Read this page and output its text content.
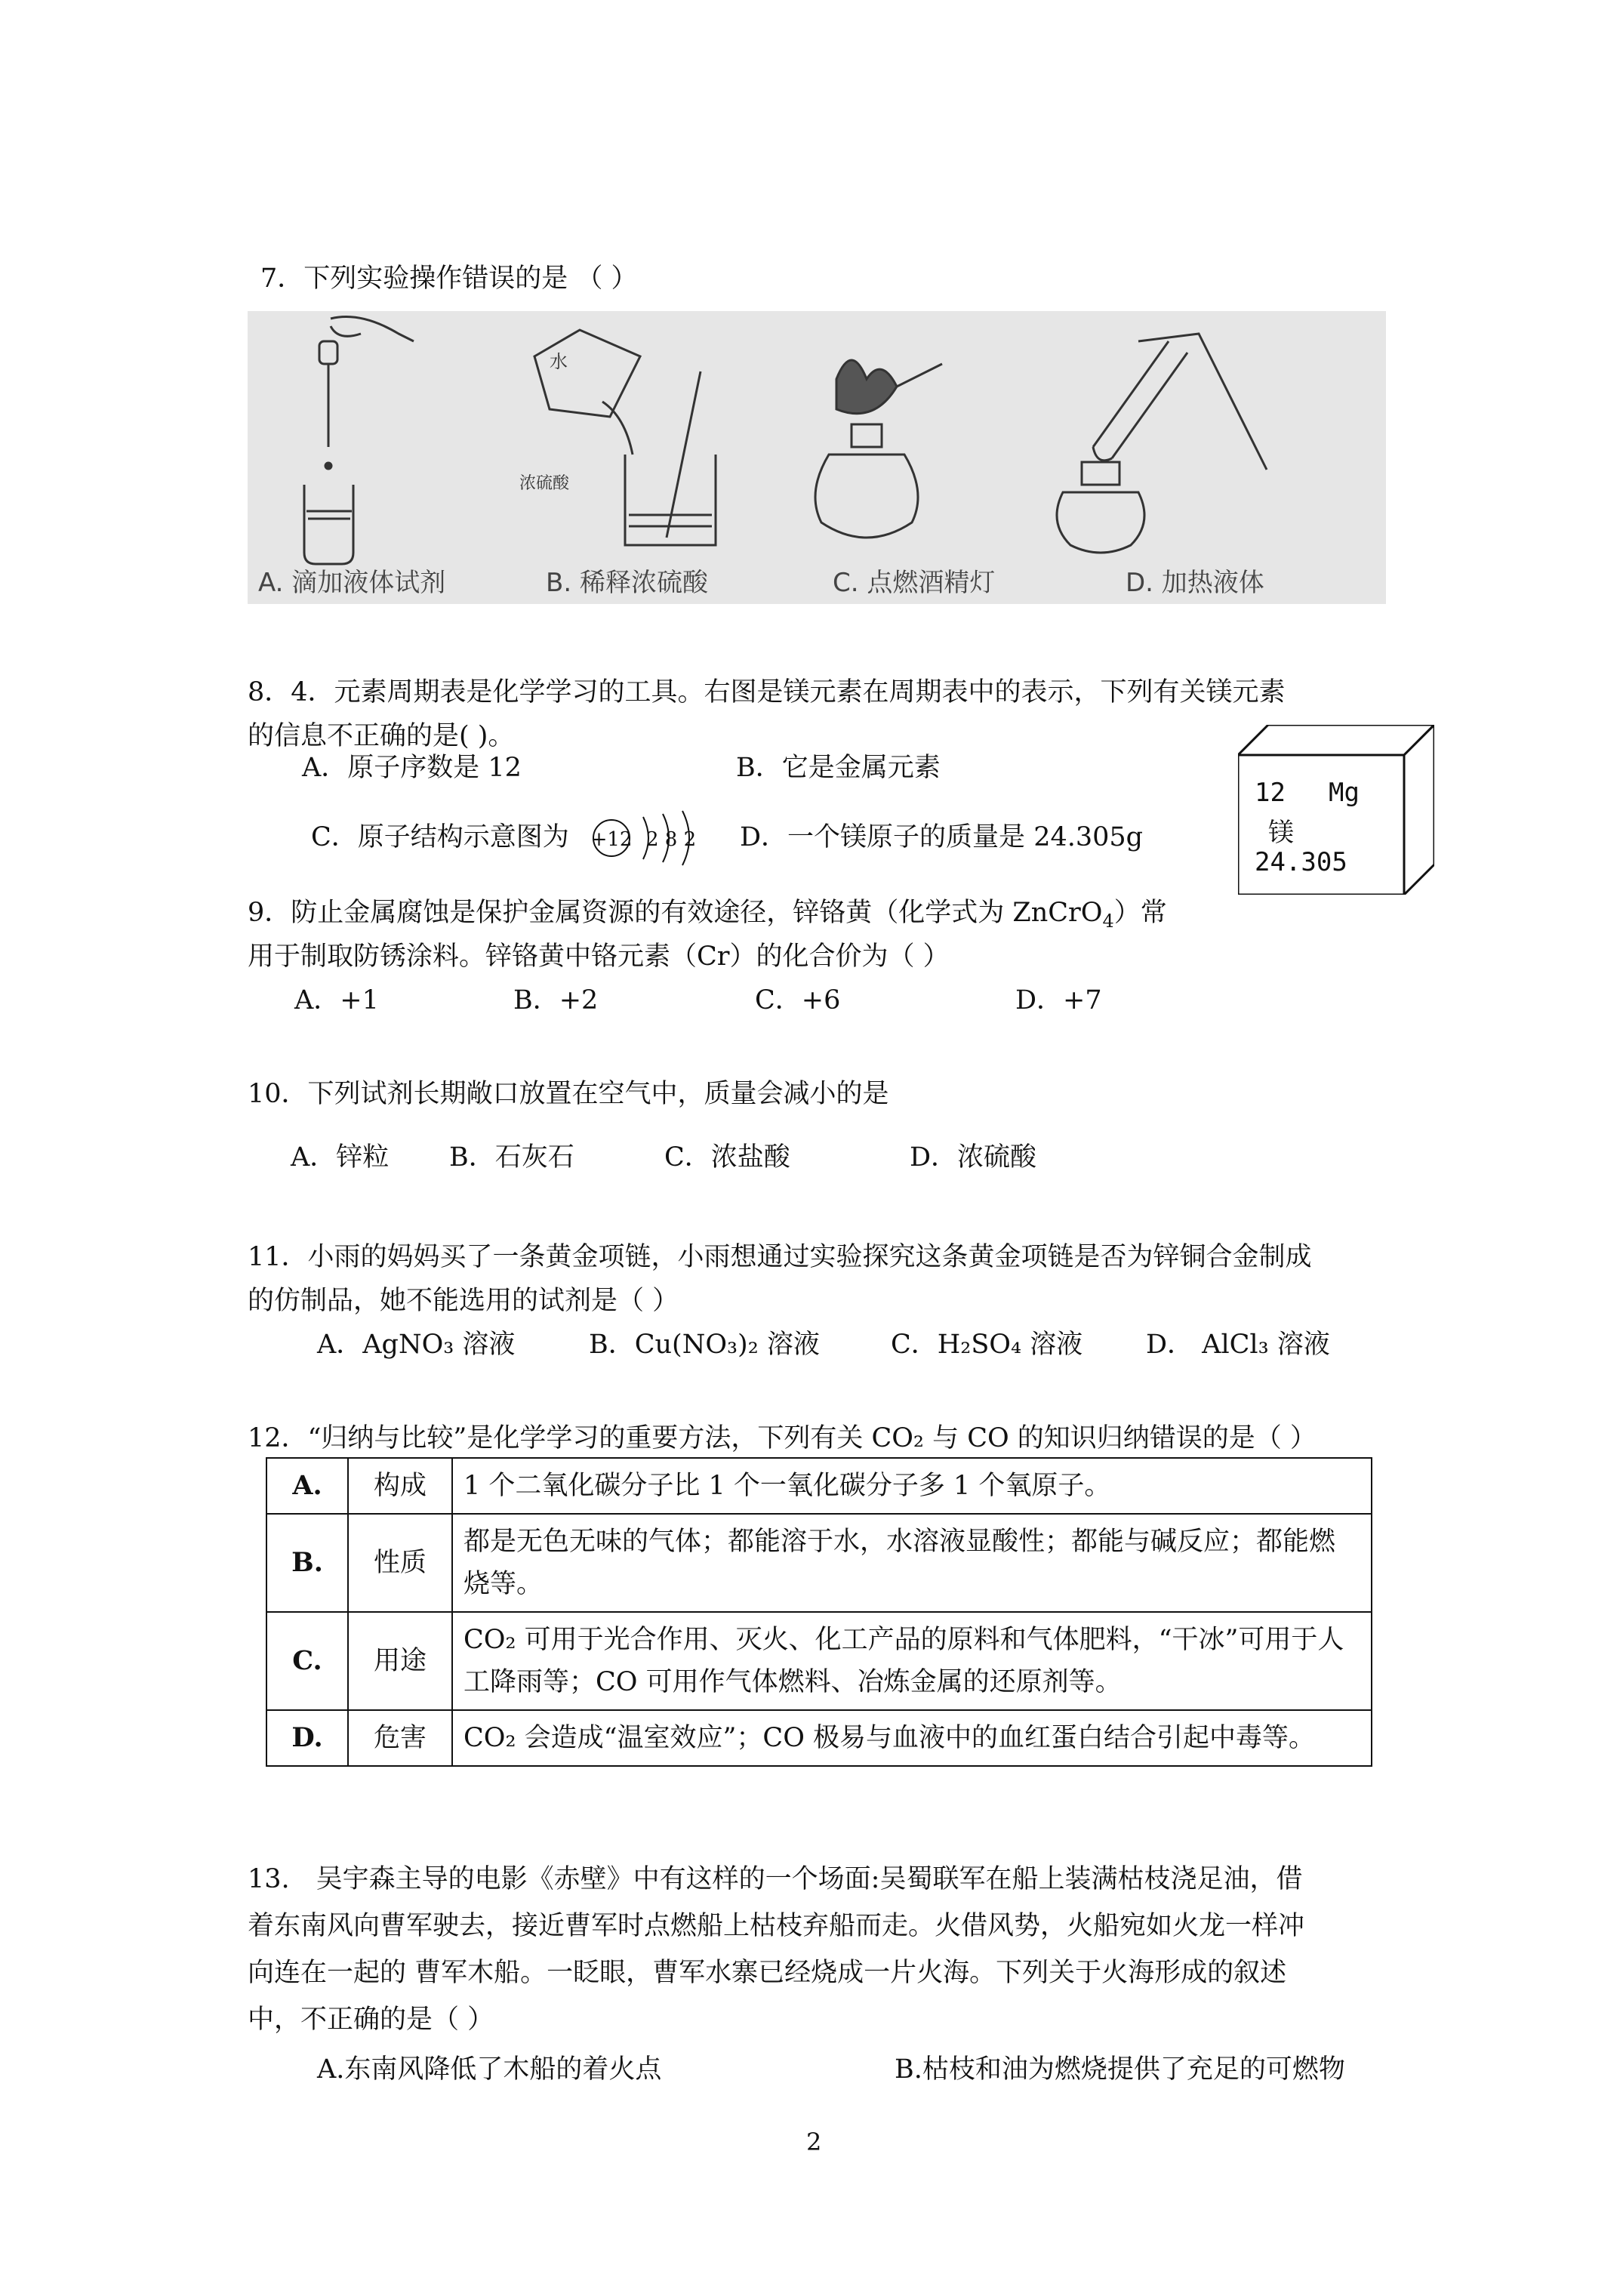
7．下列实验操作错误的是 （ ）
水
浓硫酸
A. 滴加液体试剂	B. 稀释浓硫酸	C. 点燃酒精灯	D. 加热液体
8．4．元素周期表是化学学习的工具。右图是镁元素在周期表中的表示，下列有关镁元素
的信息不正确的是( )。
A．原子序数是 12	B．它是金属元素
C．原子结构示意图为 +12 2 8 2 D．一个镁原子的质量是 24.305g
12 Mg
镁
24.305
9．防止金属腐蚀是保护金属资源的有效途径，锌铬黄（化学式为 ZnCrO$_4$）常
用于制取防锈涂料。锌铬黄中铬元素（Cr）的化合价为（ ）
A．+1	B．+2	C．+6	D．+7
10．下列试剂长期敞口放置在空气中，质量会减小的是
A．锌粒 B．石灰石	C．浓盐酸	D．浓硫酸
11．小雨的妈妈买了一条黄金项链，小雨想通过实验探究这条黄金项链是否为锌铜合金制成
的仿制品，她不能选用的试剂是（ ）
A．AgNO₃ 溶液	B．Cu(NO₃)₂ 溶液	C．H₂SO₄ 溶液 D． AlCl₃ 溶液
12．“归纳与比较”是化学学习的重要方法，下列有关 CO₂ 与 CO 的知识归纳错误的是（ ）
A.	构成	1 个二氧化碳分子比 1 个一氧化碳分子多 1 个氧原子。
B.	性质	都是无色无味的气体；都能溶于水，水溶液显酸性；都能与碱反应；都能燃烧等。
C.	用途	CO₂ 可用于光合作用、灭火、化工产品的原料和气体肥料，“干冰”可用于人工降雨等；CO 可用作气体燃料、冶炼金属的还原剂等。
D.	危害	CO₂ 会造成“温室效应”；CO 极易与血液中的血红蛋白结合引起中毒等。
13.　吴宇森主导的电影《赤壁》中有这样的一个场面:吴蜀联军在船上装满枯枝浇足油，借
着东南风向曹军驶去，接近曹军时点燃船上枯枝弃船而走。火借风势，火船宛如火龙一样冲
向连在一起的 曹军木船。一眨眼，曹军水寨已经烧成一片火海。下列关于火海形成的叙述
中，不正确的是（ ）
A.东南风降低了木船的着火点	B.枯枝和油为燃烧提供了充足的可燃物
2
